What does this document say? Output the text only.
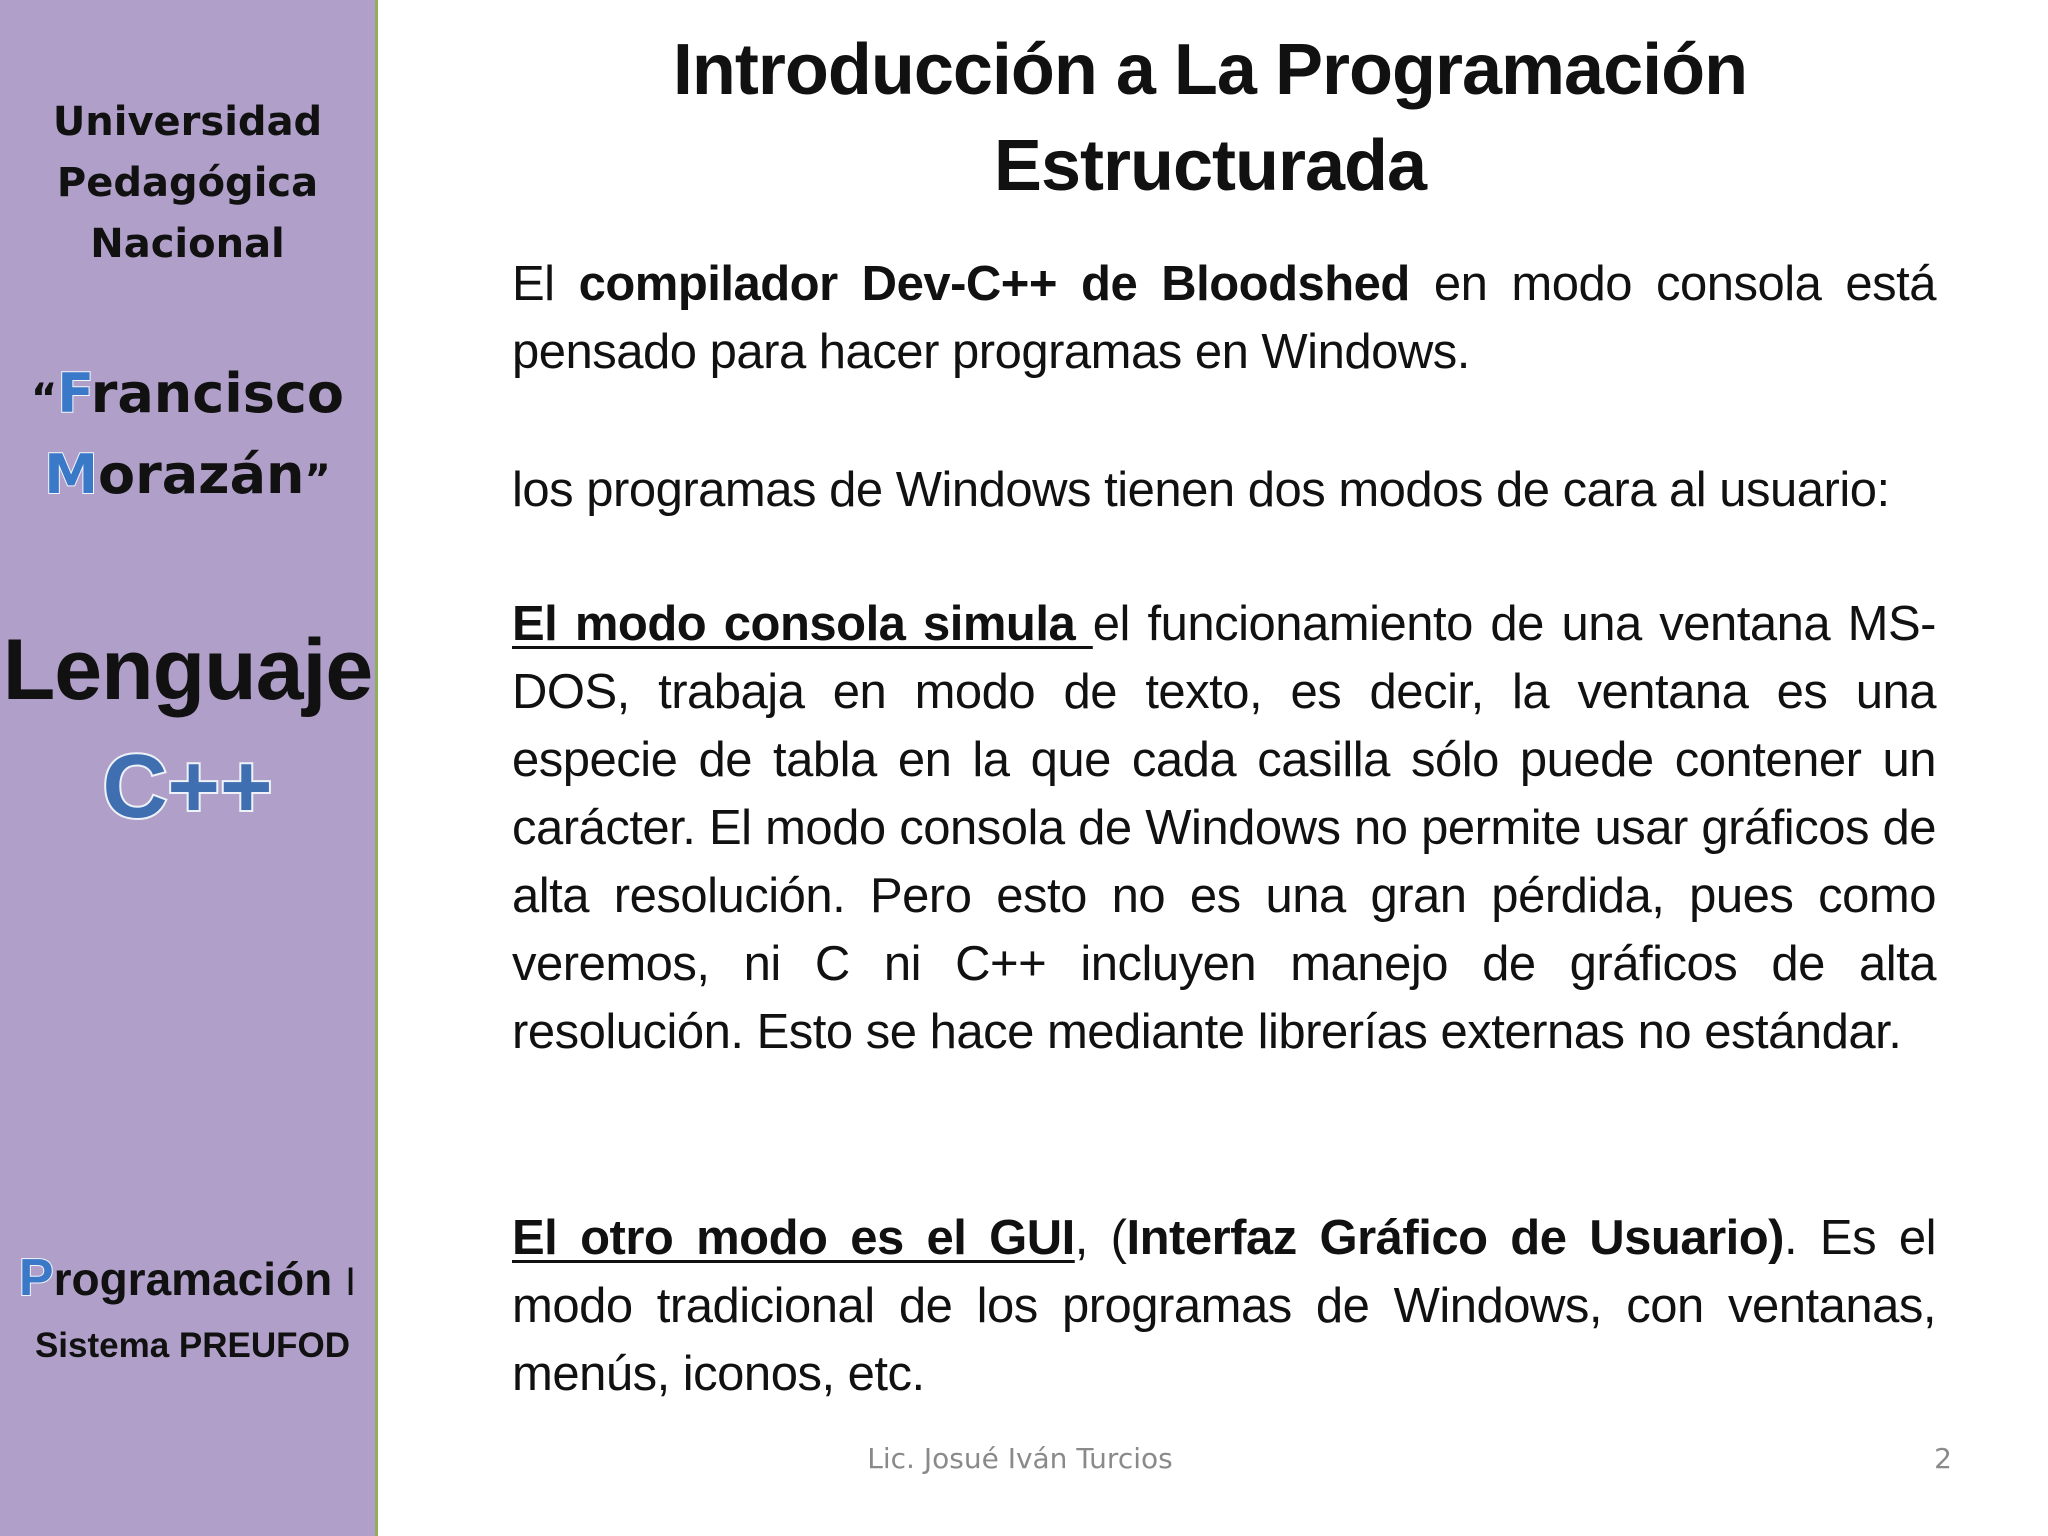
Universidad
Pedagógica
Nacional
“Francisco
Morazán”
Lenguaje
C++
Programación I
Sistema PREUFOD
Introducción a La Programación
Estructurada
El compilador Dev-C++ de Bloodshed en modo consola está pensado para hacer programas en Windows.
los programas de Windows tienen dos modos de cara al usuario:
El modo consola simula el funcionamiento de una ventana MS-DOS, trabaja en modo de texto, es decir, la ventana es una especie de tabla en la que cada casilla sólo puede contener un carácter. El modo consola de Windows no permite usar gráficos de alta resolución. Pero esto no es una gran pérdida, pues como veremos, ni C ni C++ incluyen manejo de gráficos de alta resolución. Esto se hace mediante librerías externas no estándar.
El otro modo es el GUI, (Interfaz Gráfico de Usuario). Es el modo tradicional de los programas de Windows, con ventanas, menús, iconos, etc.
Lic. Josué Iván Turcios	2
